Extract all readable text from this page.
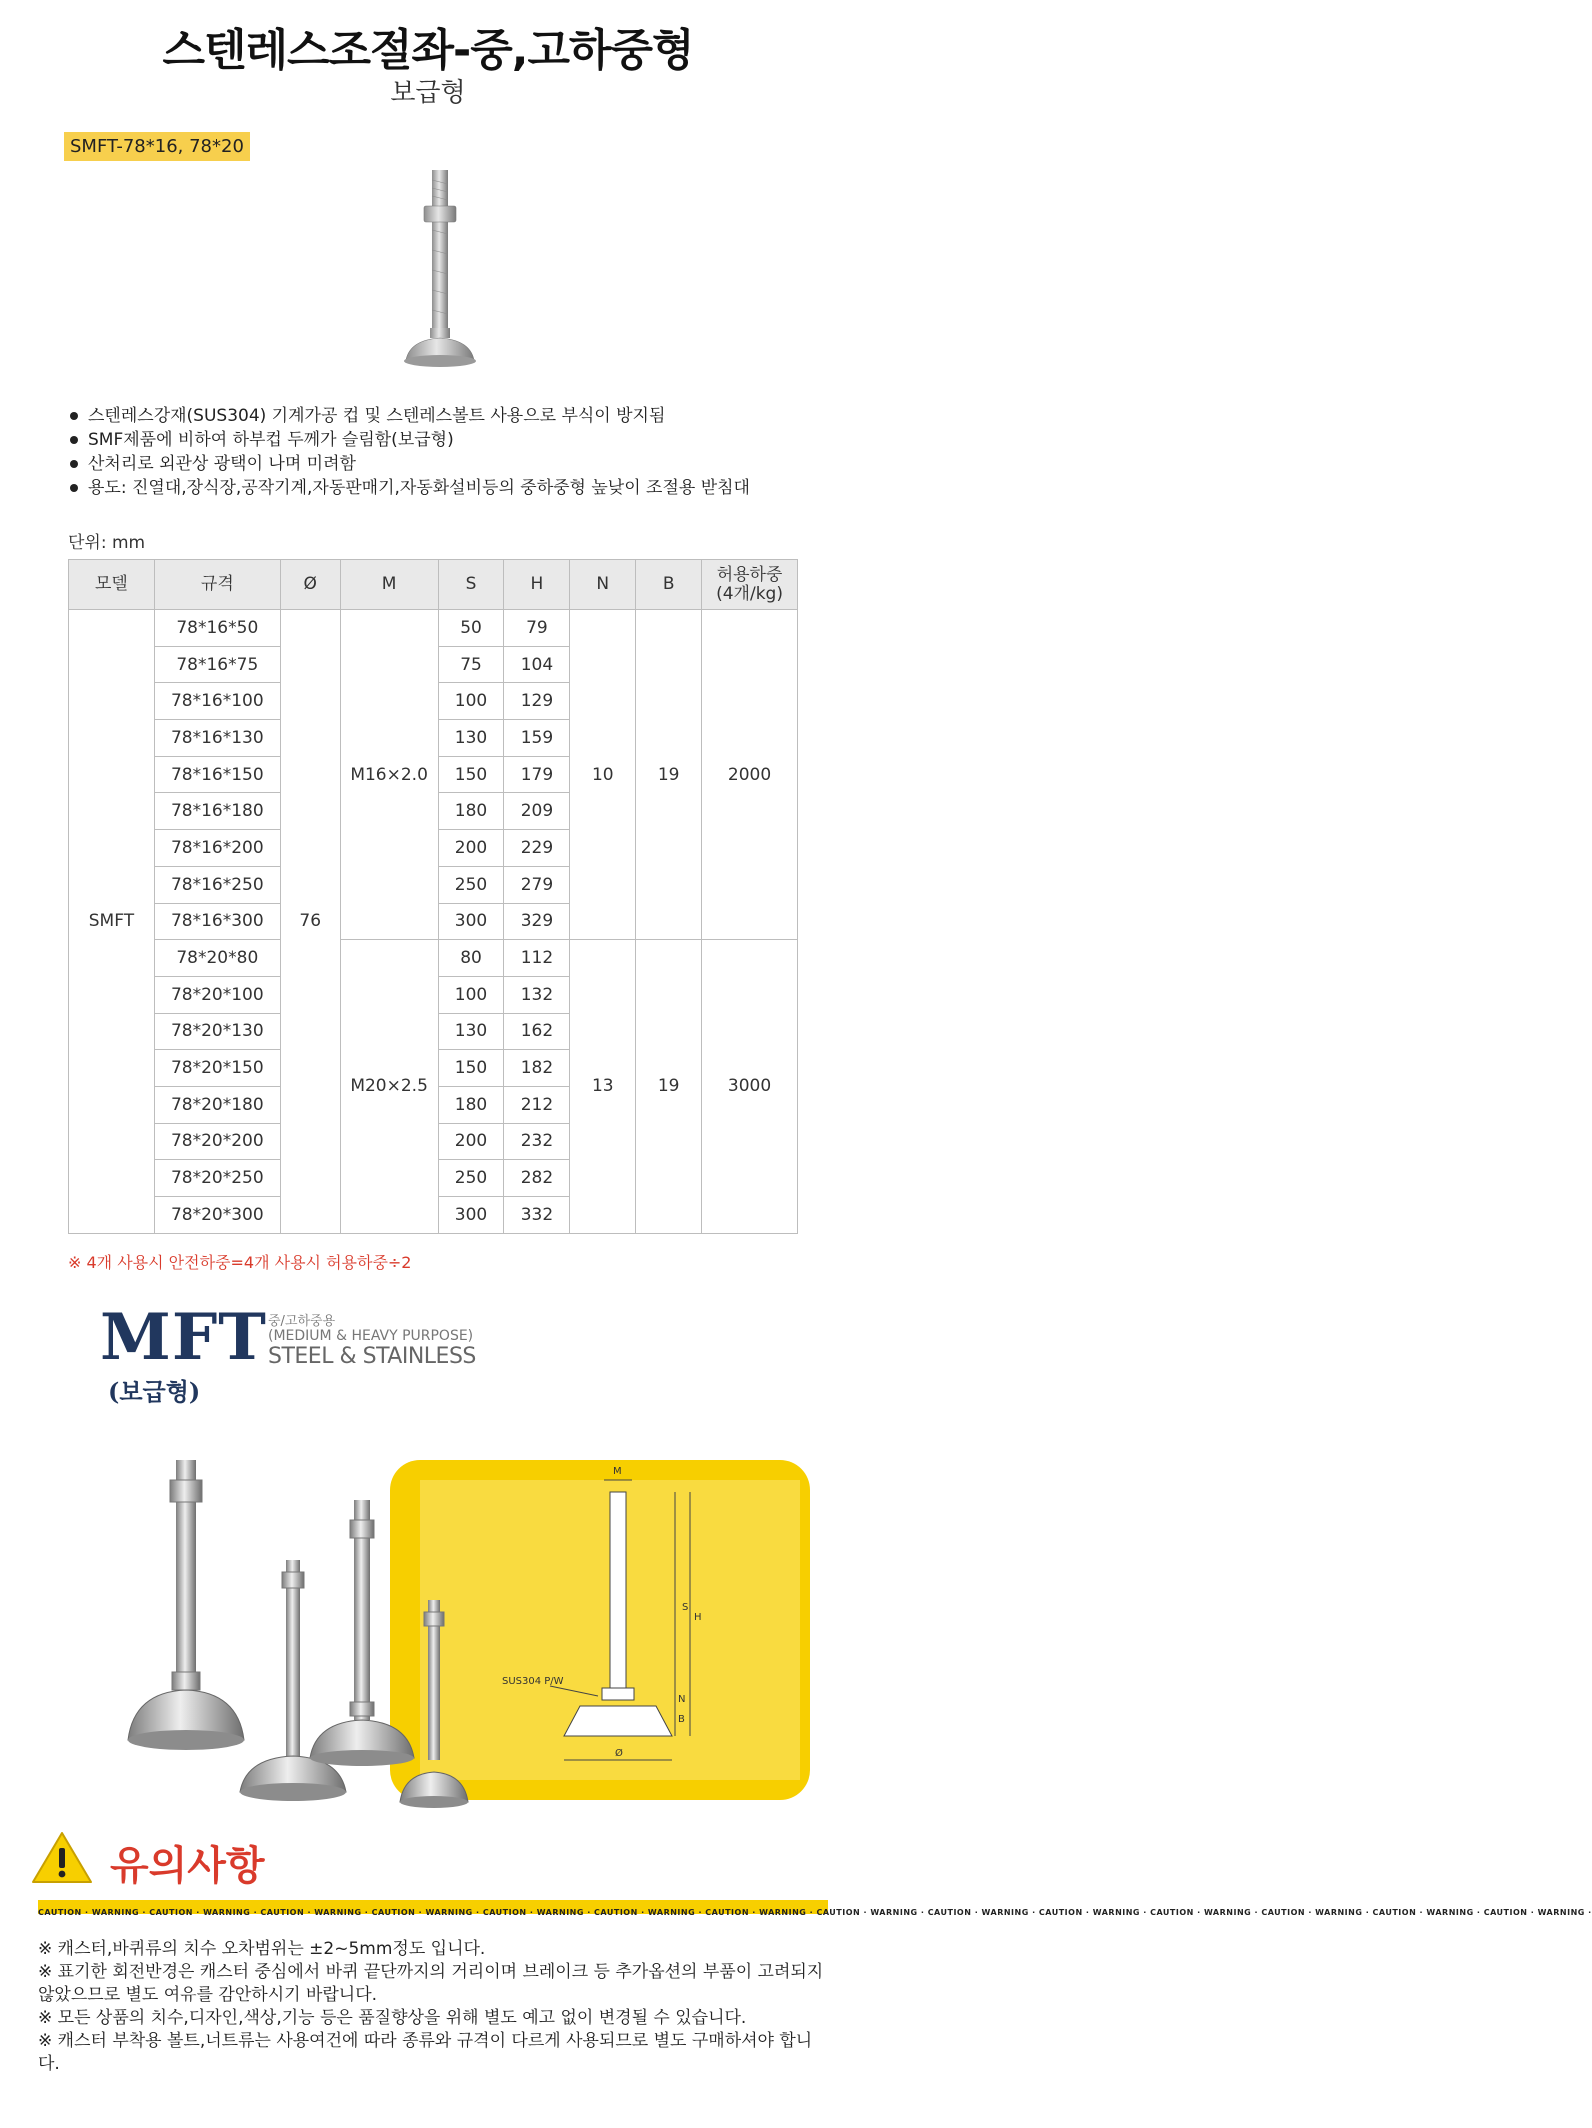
스텐레스조절좌-중,고하중형
보급형
SMFT-78*16, 78*20
스텐레스강재(SUS304) 기계가공 컵 및 스텐레스볼트 사용으로 부식이 방지됨
SMF제품에 비하여 하부컵 두께가 슬림함(보급형)
산처리로 외관상 광택이 나며 미려함
용도: 진열대,장식장,공작기계,자동판매기,자동화설비등의 중하중형 높낮이 조절용 받침대
단위: mm
모델	규격	Ø	M	S	H	N	B	허용하중
(4개/kg)
SMFT	78*16*50	76	M16×2.0	50	79	10	19	2000
	78*16*75			75	104			
	78*16*100			100	129			
	78*16*130			130	159			
	78*16*150			150	179			
	78*16*180			180	209			
	78*16*200			200	229			
	78*16*250			250	279			
	78*16*300			300	329			
	78*20*80		M20×2.5	80	112	13	19	3000
	78*20*100			100	132			
	78*20*130			130	162			
	78*20*150			150	182			
	78*20*180			180	212			
	78*20*200			200	232			
	78*20*250			250	282			
	78*20*300			300	332			
※ 4개 사용시 안전하중=4개 사용시 허용하중÷2
MFT
(보급형)
중/고하중용
(MEDIUM & HEAVY PURPOSE)
STEEL & STAINLESS
M
S
H
N
B
Ø
SUS304 P/W
유의사항
CAUTION · WARNING · CAUTION · WARNING · CAUTION · WARNING · CAUTION · WARNING · CAUTION · WARNING · CAUTION · WARNING · CAUTION · WARNING · CAUTION · WARNING · CAUTION · WARNING · CAUTION · WARNING · CAUTION · WARNING · CAUTION · WARNING · CAUTION · WARNING · CAUTION · WARNING ·
※ 캐스터,바퀴류의 치수 오차범위는 ±2~5mm정도 입니다.
※ 표기한 회전반경은 캐스터 중심에서 바퀴 끝단까지의 거리이며 브레이크 등 추가옵션의 부품이 고려되지 않았으므로 별도 여유를 감안하시기 바랍니다.
※ 모든 상품의 치수,디자인,색상,기능 등은 품질향상을 위해 별도 예고 없이 변경될 수 있습니다.
※ 캐스터 부착용 볼트,너트류는 사용여건에 따라 종류와 규격이 다르게 사용되므로 별도 구매하셔야 합니다.
